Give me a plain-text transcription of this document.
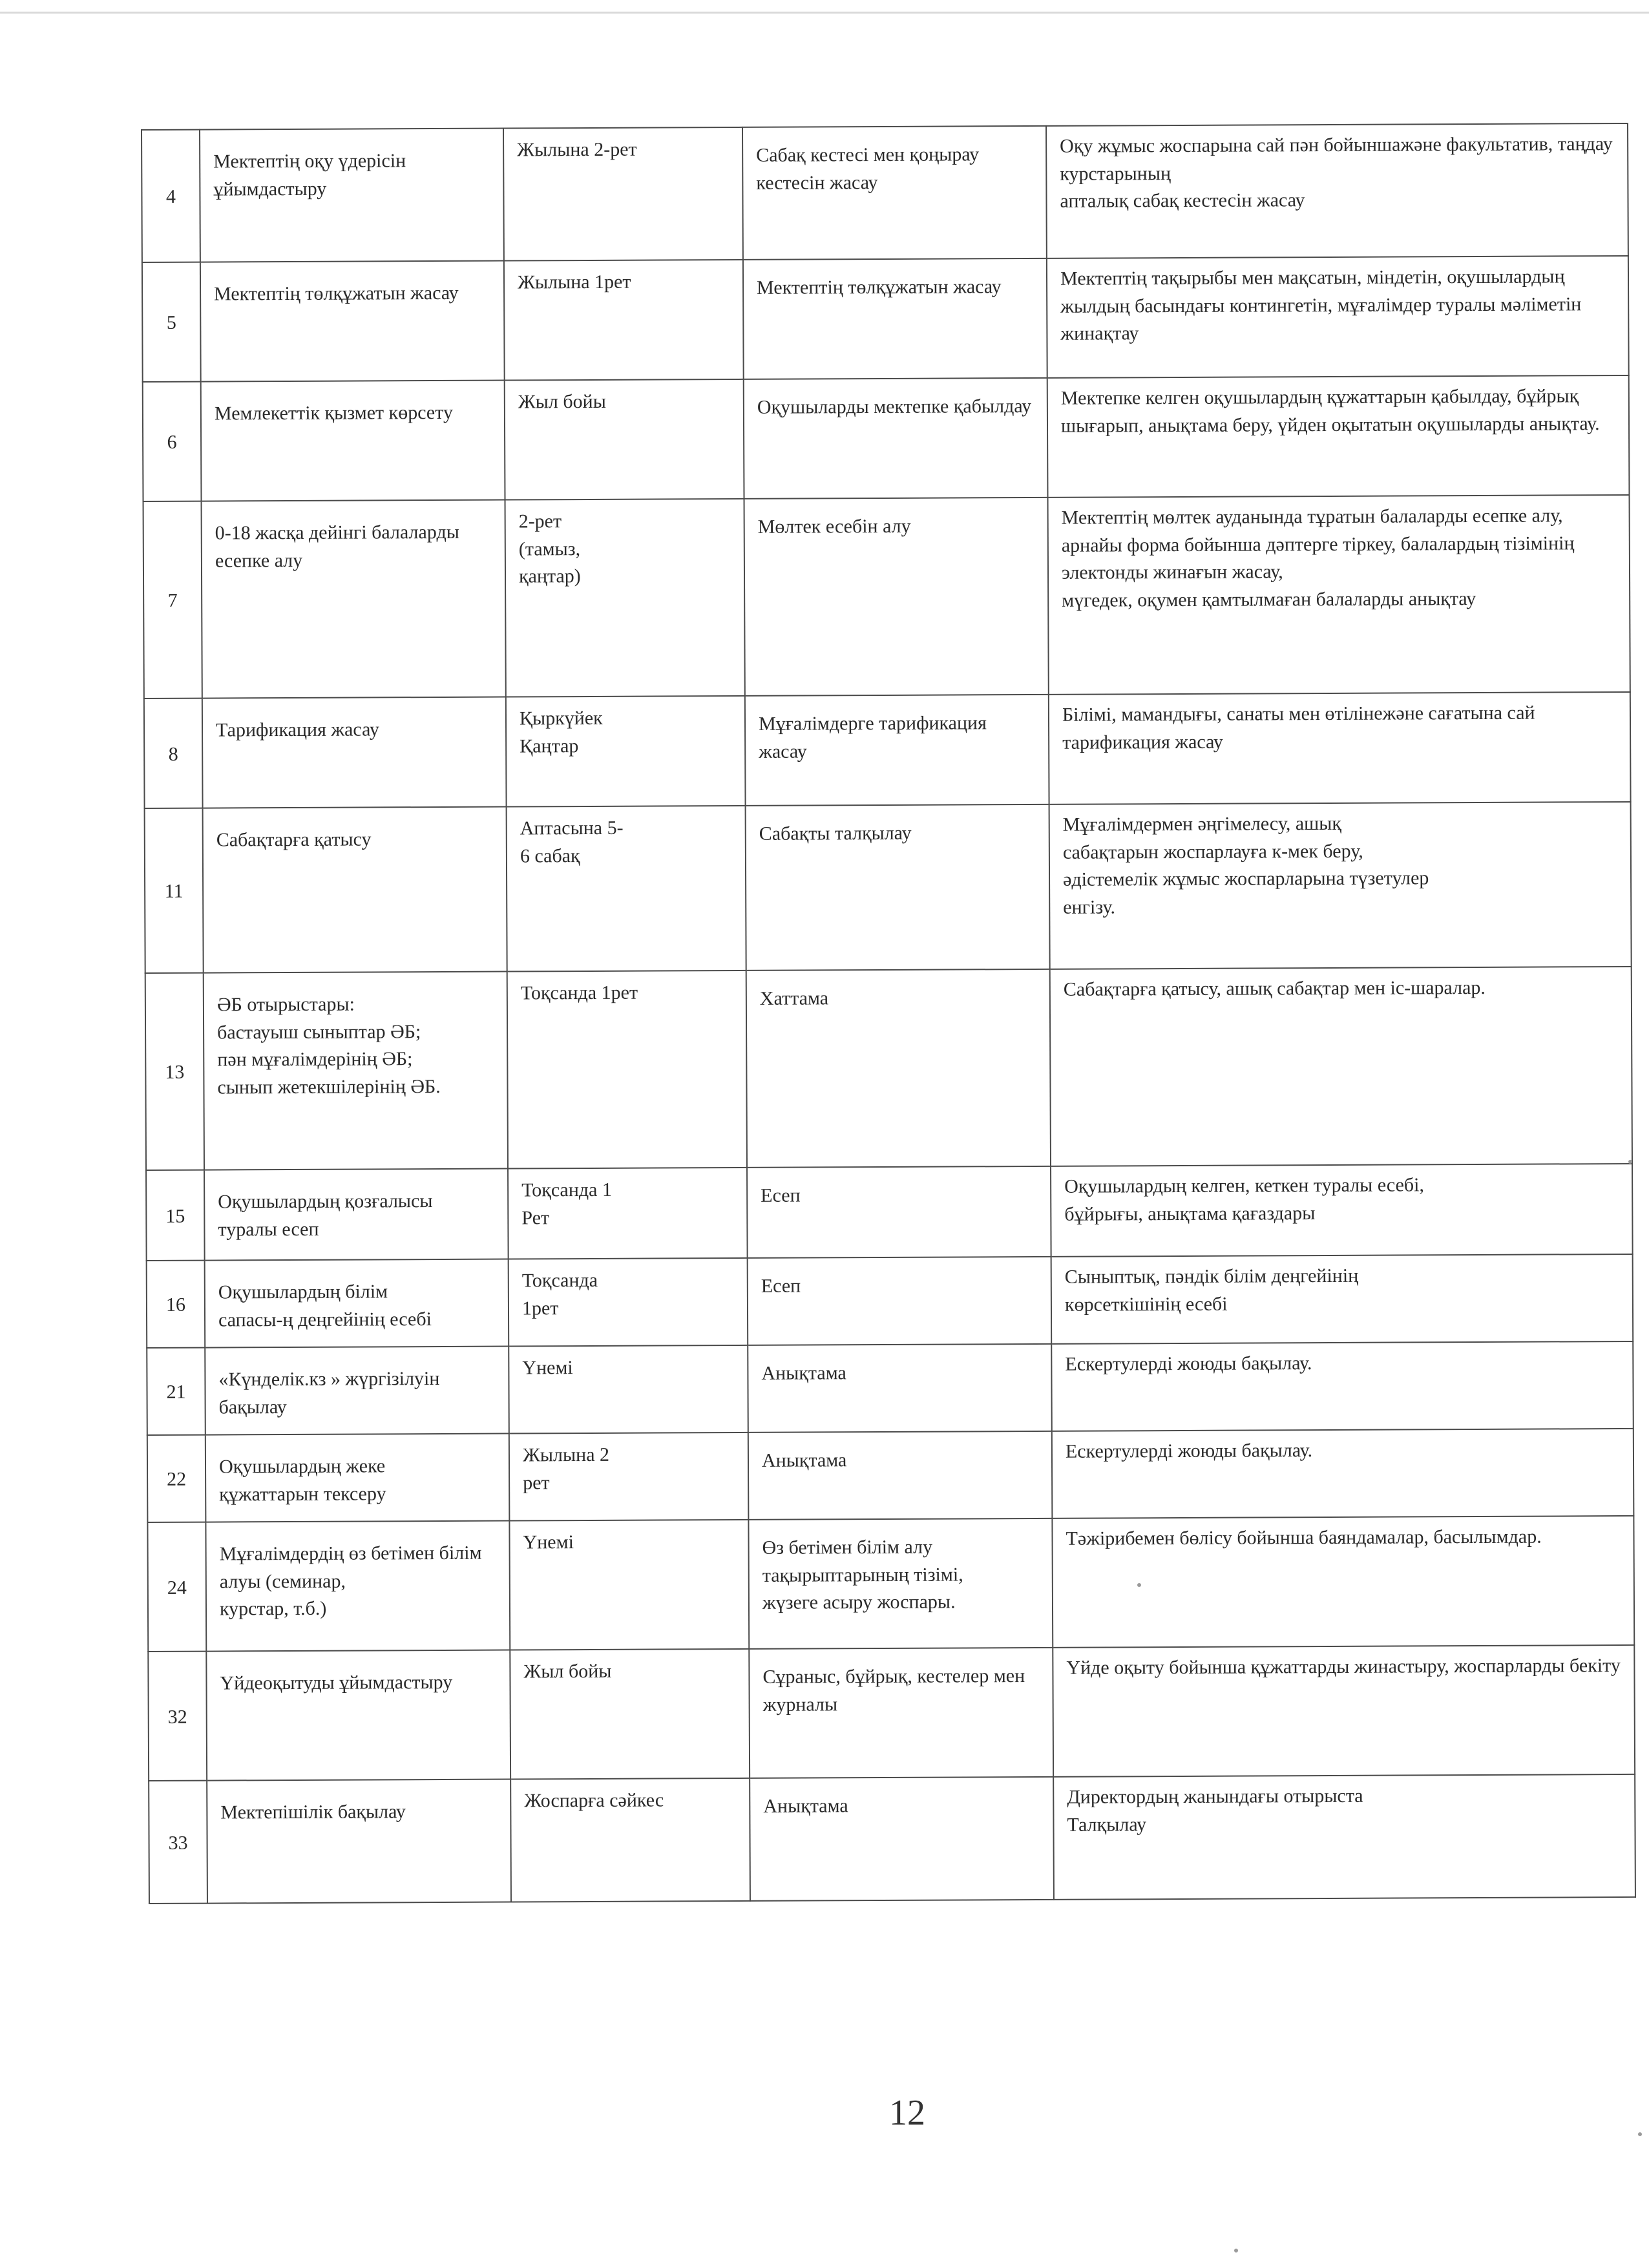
4	Мектептің оқу үдерісін ұйымдастыру	Жылына 2-рет	Сабақ кестесі мен қоңырау кестесін жасау	Оқу жұмыс жоспарына сай пән бойыншажәне факультатив, таңдау курстарының
апталық сабақ кестесін жасау
5	Мектептің төлқұжатын жасау	Жылына 1рет	Мектептің төлқұжатын жасау	Мектептің тақырыбы мен мақсатын, міндетін, оқушылардың жылдың басындағы контингетін, мұғалімдер туралы мәліметін жинақтау
6	Мемлекеттік қызмет көрсету	Жыл бойы	Оқушыларды мектепке қабылдау	Мектепке келген оқушылардың құжаттарын қабылдау, бұйрық шығарып, анықтама беру, үйден оқытатын оқушыларды анықтау.
7	0-18 жасқа дейінгі балаларды есепке алу	2-рет
(тамыз,
қаңтар)	Мөлтек есебін алу	Мектептің мөлтек ауданында тұратын балаларды есепке алу, арнайы форма бойынша дәптерге тіркеу, балалардың тізімінің электонды жинағын жасау,
мүгедек, оқумен қамтылмаған балаларды анықтау
8	Тарификация жасау	Қыркүйек
Қаңтар	Мұғалімдерге тарификация жасау	Білімі, мамандығы, санаты мен өтілінежәне сағатына сай тарификация жасау
11	Сабақтарға қатысу	Аптасына 5-
6 сабақ	Сабақты талқылау	Мұғалімдермен әңгімелесу, ашық
сабақтарын жоспарлауға к-мек беру,
әдістемелік жұмыс жоспарларына түзетулер
енгізу.
13	ӘБ отырыстары:
бастауыш сыныптар ӘБ;
пән мұғалімдерінің ӘБ;
сынып жетекшілерінің ӘБ.	Тоқсанда 1рет	Хаттама	Сабақтарға қатысу, ашық сабақтар мен іс-шаралар.
15	Оқушылардың қозғалысы
туралы есеп	Тоқсанда 1
Рет	Есеп	Оқушылардың келген, кеткен туралы есебі,
бұйрығы, анықтама қағаздары
16	Оқушылардың білім
сапасы-ң деңгейінің есебі	Тоқсанда
1рет	Есеп	Сыныптық, пәндік білім деңгейінің
көрсеткішінің есебі
21	«Күнделік.кз » жүргізілуін
бақылау	Үнемі	Анықтама	Ескертулерді жоюды бақылау.
22	Оқушылардың жеке
құжаттарын тексеру	Жылына 2
рет	Анықтама	Ескертулерді жоюды бақылау.
24	Мұғалімдердің өз бетімен білім алуы (семинар,
курстар, т.б.)	Үнемі	Өз бетімен білім алу тақырыптарының тізімі,
жүзеге асыру жоспары.	Тәжірибемен бөлісу бойынша баяндамалар, басылымдар.
32	Үйдеоқытуды ұйымдастыру	Жыл бойы	Сұраныс, бұйрық, кестелер мен журналы	Үйде оқыту бойынша құжаттарды жинастыру, жоспарларды бекіту
33	Мектепішілік бақылау	Жоспарға сәйкес	Анықтама	Директордың жанындағы отырыста
Талқылау
12
